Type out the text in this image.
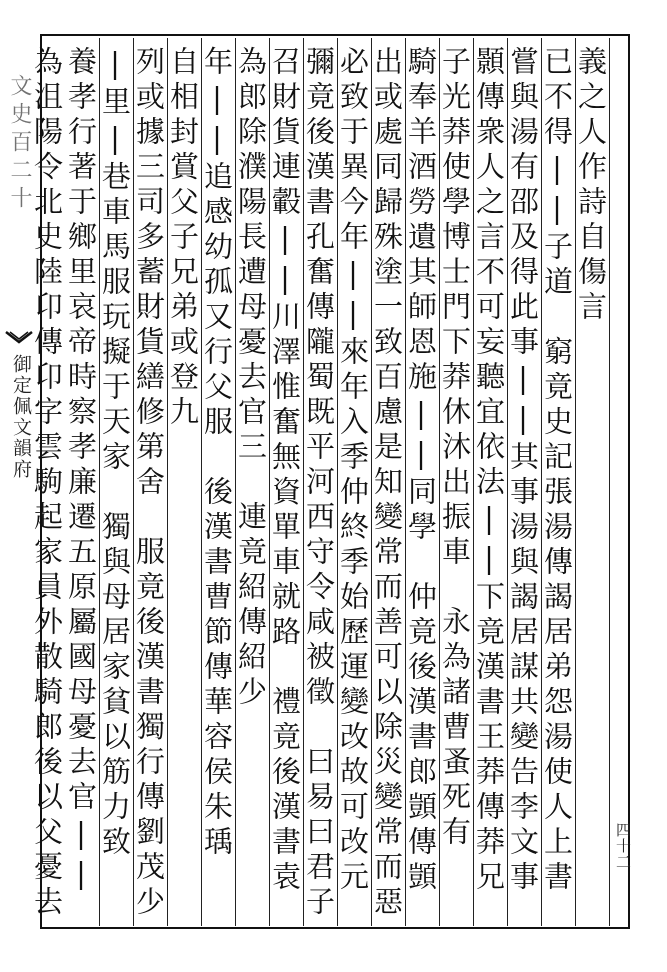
文史百二十
御定佩文韻府
義之人作詩自傷言
已不得||子道　窮竟史記張湯傳謁居弟怨湯使人上書
嘗與湯有邵及得此事||其事湯與謁居謀共變告李文事
顥傳衆人之言不可妄聽宜依法||下竟漢書王莽傳莽兄
子光莽使學博士門下莽休沐出振車　永為諸曹蚤死有
騎奉羊酒勞遺其師恩施||同學　仲竟後漢書郎顗傳顗
出或處同歸殊塗一致百慮是知變常而善可以除災變常而惡
必致于異今年||來年入季仲終季始歷運變改故可改元
彌竟後漢書孔奮傳隴蜀既平河西守令咸被徵　曰易曰君子
召財貨連轂||川澤惟奮無資單車就路　禮竟後漢書袁
為郎除濮陽長遭母憂去官三　連竟紹傳紹少
年||追感幼孤又行父服　後漢書曹節傳華容侯朱瑀
自相封賞父子兄弟或登九
列或據三司多蓄財貨繕修第舍　服竟後漢書獨行傳劉茂少
|里|巷車馬服玩擬于天家　獨與母居家貧以筋力致
養孝行著于鄉里哀帝時察孝廉遷五原屬國母憂去官||
為沮陽令北史陸卬傳卬字雲駒起家員外散騎郎後以父憂去	四十二
